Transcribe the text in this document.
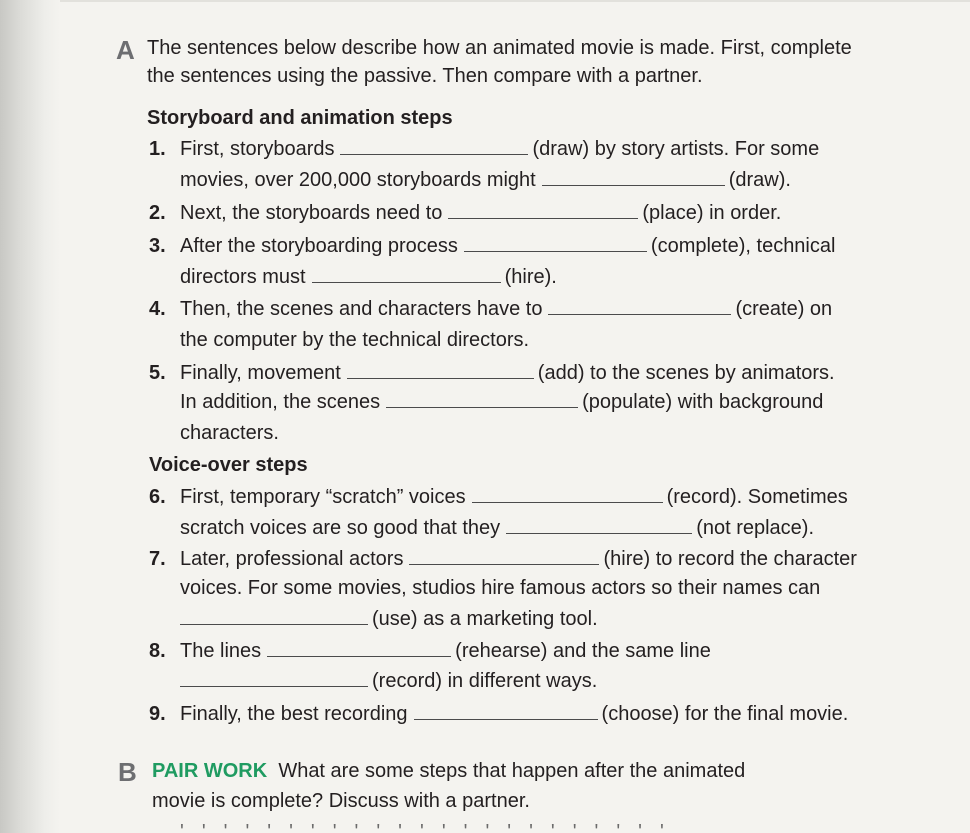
A The sentences below describe how an animated movie is made. First, complete
the sentences using the passive. Then compare with a partner.
Storyboard and animation steps
1. First, storyboards	(draw) by story artists. For some
movies, over 200,000 storyboards might	(draw).
2. Next, the storyboards need to	(place) in order.
3. After the storyboarding process	(complete), technical
directors must	(hire).
4. Then, the scenes and characters have to	(create) on
the computer by the technical directors.
5. Finally, movement	(add) to the scenes by animators.
In addition, the scenes	(populate) with background
characters.
Voice-over steps
6. First, temporary “scratch” voices	(record). Sometimes
scratch voices are so good that they	(not replace).
7. Later, professional actors	(hire) to record the character
voices. For some movies, studios hire famous actors so their names can
(use) as a marketing tool.
8. The lines	(rehearse) and the same line
(record) in different ways.
9. Finally, the best recording	(choose) for the final movie.
B PAIR WORK What are some steps that happen after the animated
movie is complete? Discuss with a partner.
'''''''''''''''''''''''
